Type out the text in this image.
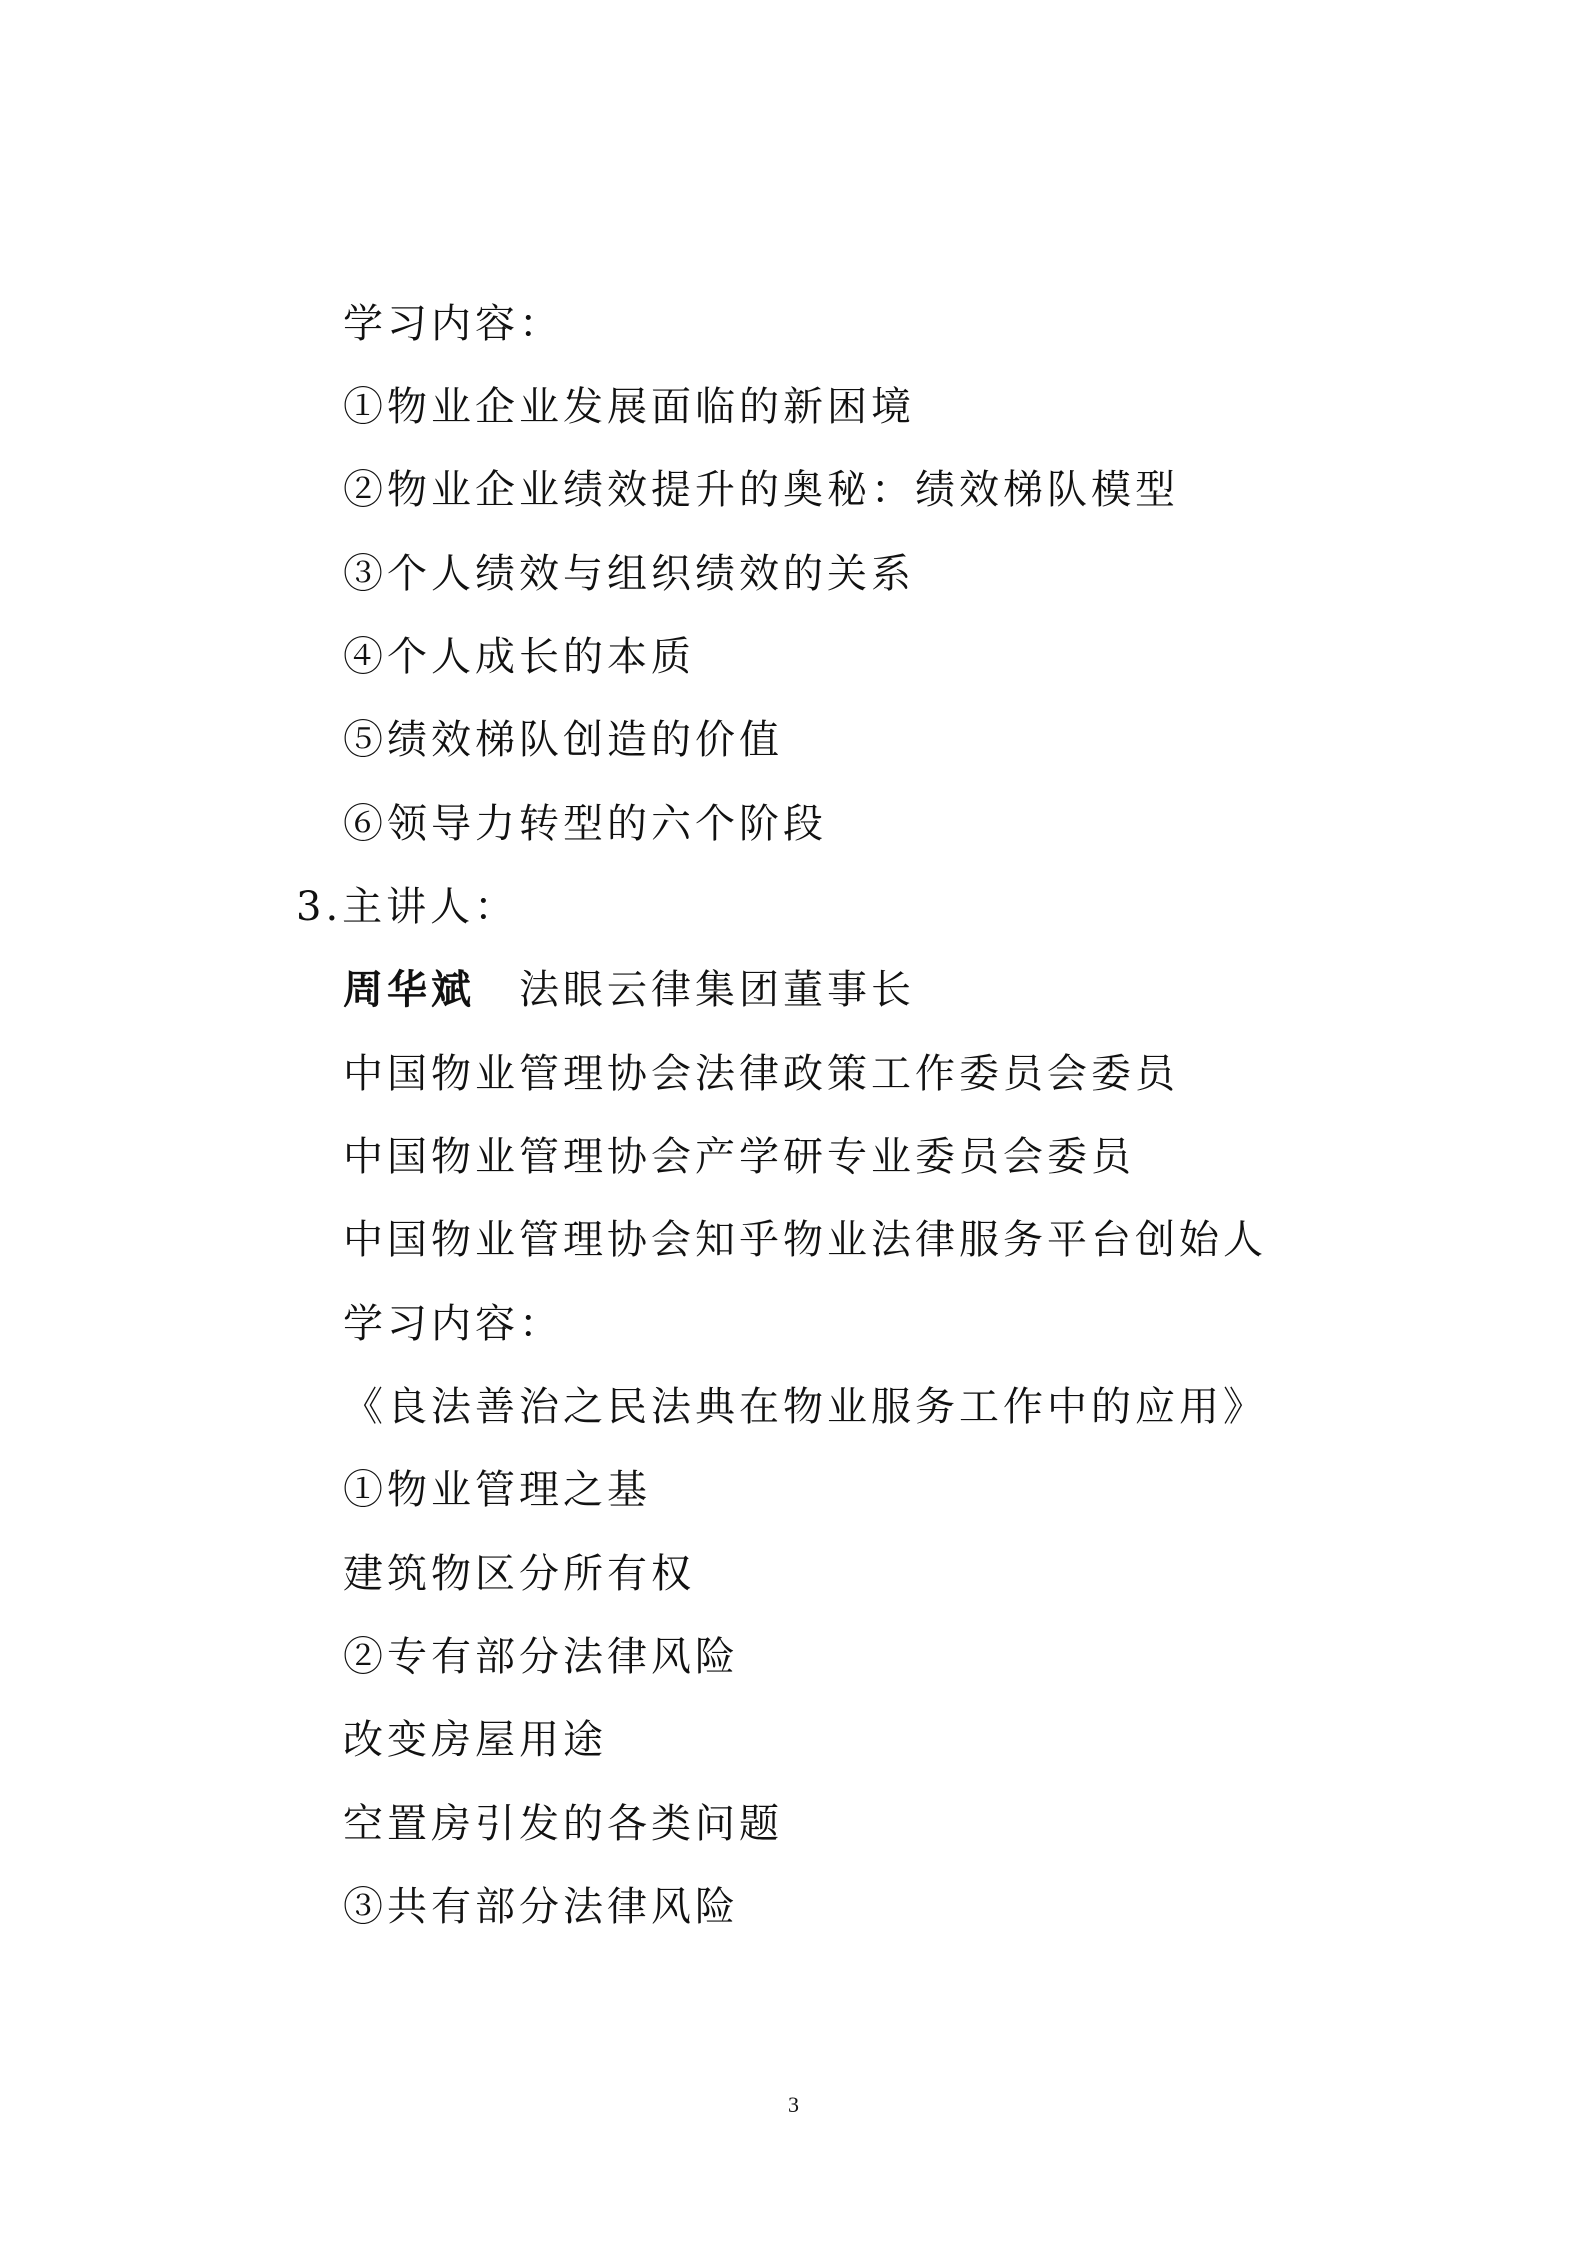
学习内容：
①物业企业发展面临的新困境
②物业企业绩效提升的奥秘：绩效梯队模型
③个人绩效与组织绩效的关系
④个人成长的本质
⑤绩效梯队创造的价值
⑥领导力转型的六个阶段
3.主讲人：
周华斌 法眼云律集团董事长
中国物业管理协会法律政策工作委员会委员
中国物业管理协会产学研专业委员会委员
中国物业管理协会知乎物业法律服务平台创始人
学习内容：
《良法善治之民法典在物业服务工作中的应用》
①物业管理之基
建筑物区分所有权
②专有部分法律风险
改变房屋用途
空置房引发的各类问题
③共有部分法律风险
3
